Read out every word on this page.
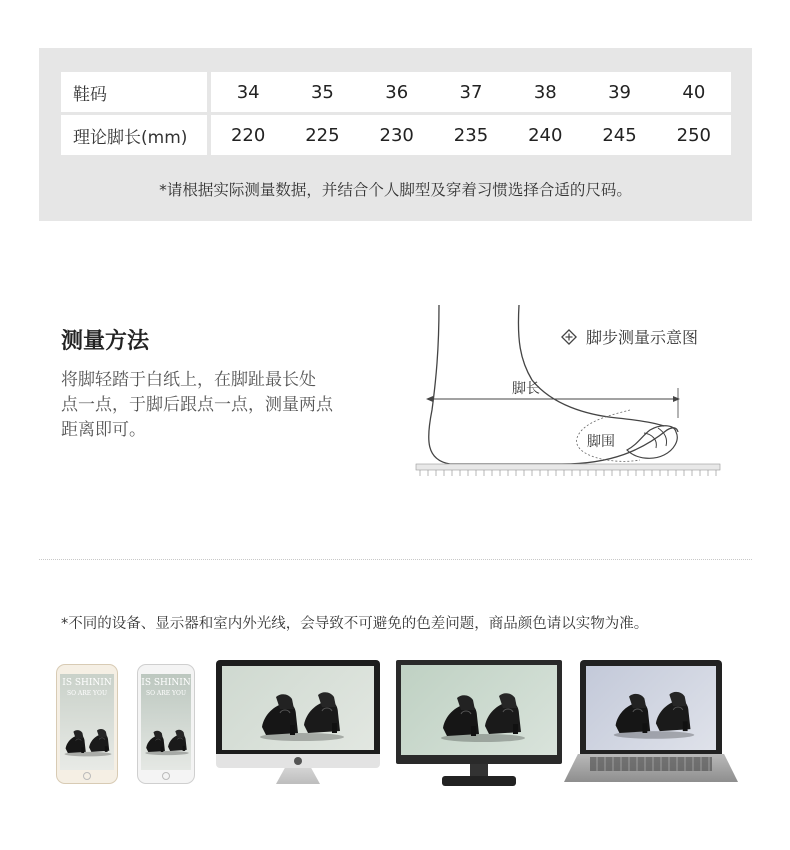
鞋码	34	35	36	37	38	39	40
理论脚长(mm)	220	225	230	235	240	245	250
*请根据实际测量数据，并结合个人脚型及穿着习惯选择合适的尺码。
测量方法
将脚轻踏于白纸上，在脚趾最长处
点一点，于脚后跟点一点，测量两点
距离即可。
脚步测量示意图
脚长
脚围
*不同的设备、显示器和室内外光线，会导致不可避免的色差问题，商品颜色请以实物为准。
IS SHININ
SO ARE YOU
IS SHININ
SO ARE YOU
